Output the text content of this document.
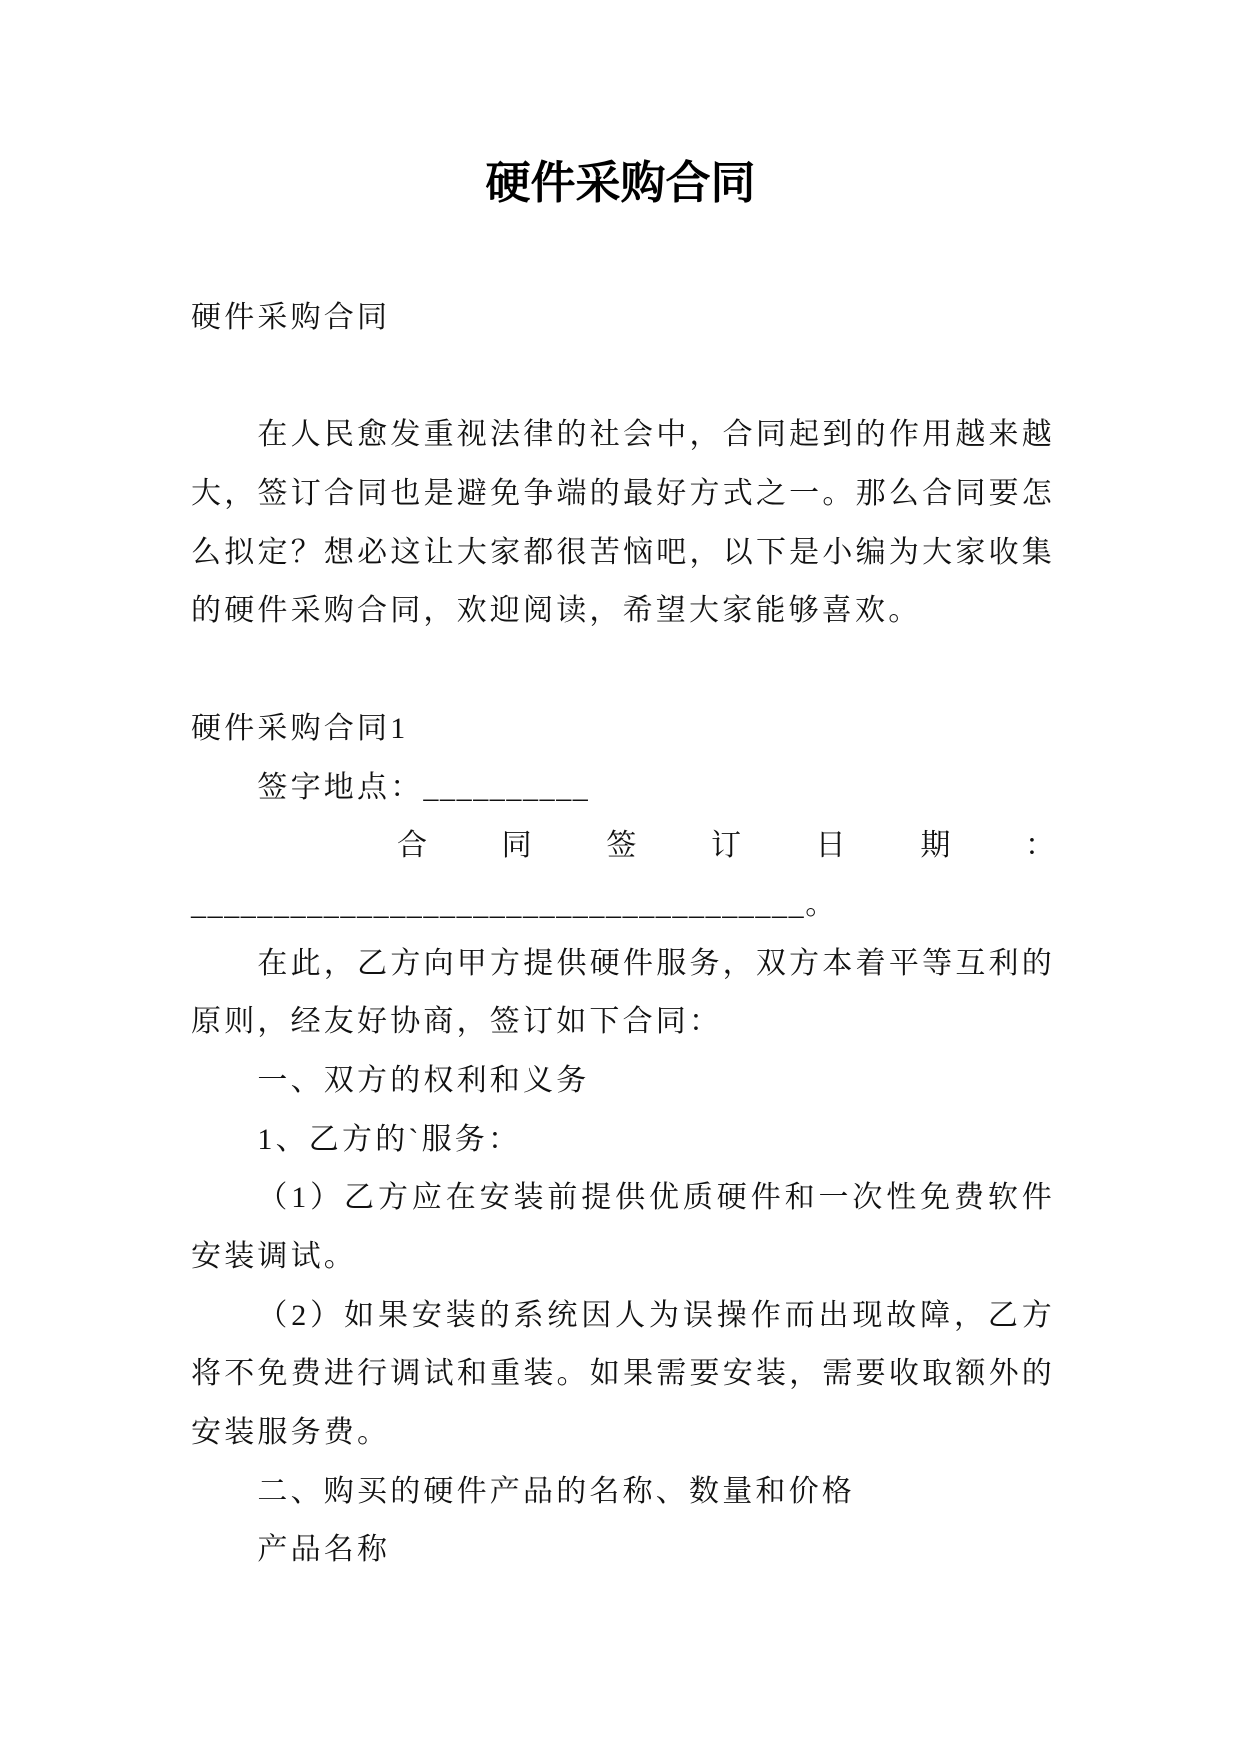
硬件采购合同
硬件采购合同
在人民愈发重视法律的社会中，合同起到的作用越来越
大，签订合同也是避免争端的最好方式之一。那么合同要怎
么拟定？想必这让大家都很苦恼吧，以下是小编为大家收集
的硬件采购合同，欢迎阅读，希望大家能够喜欢。
硬件采购合同1
签字地点：__________
合同签订日期：
_____________________________________。
在此，乙方向甲方提供硬件服务，双方本着平等互利的
原则，经友好协商，签订如下合同：
一、双方的权利和义务
1、乙方的`服务：
（1）乙方应在安装前提供优质硬件和一次性免费软件
安装调试。
（2）如果安装的系统因人为误操作而出现故障，乙方
将不免费进行调试和重装。如果需要安装，需要收取额外的
安装服务费。
二、购买的硬件产品的名称、数量和价格
产品名称
